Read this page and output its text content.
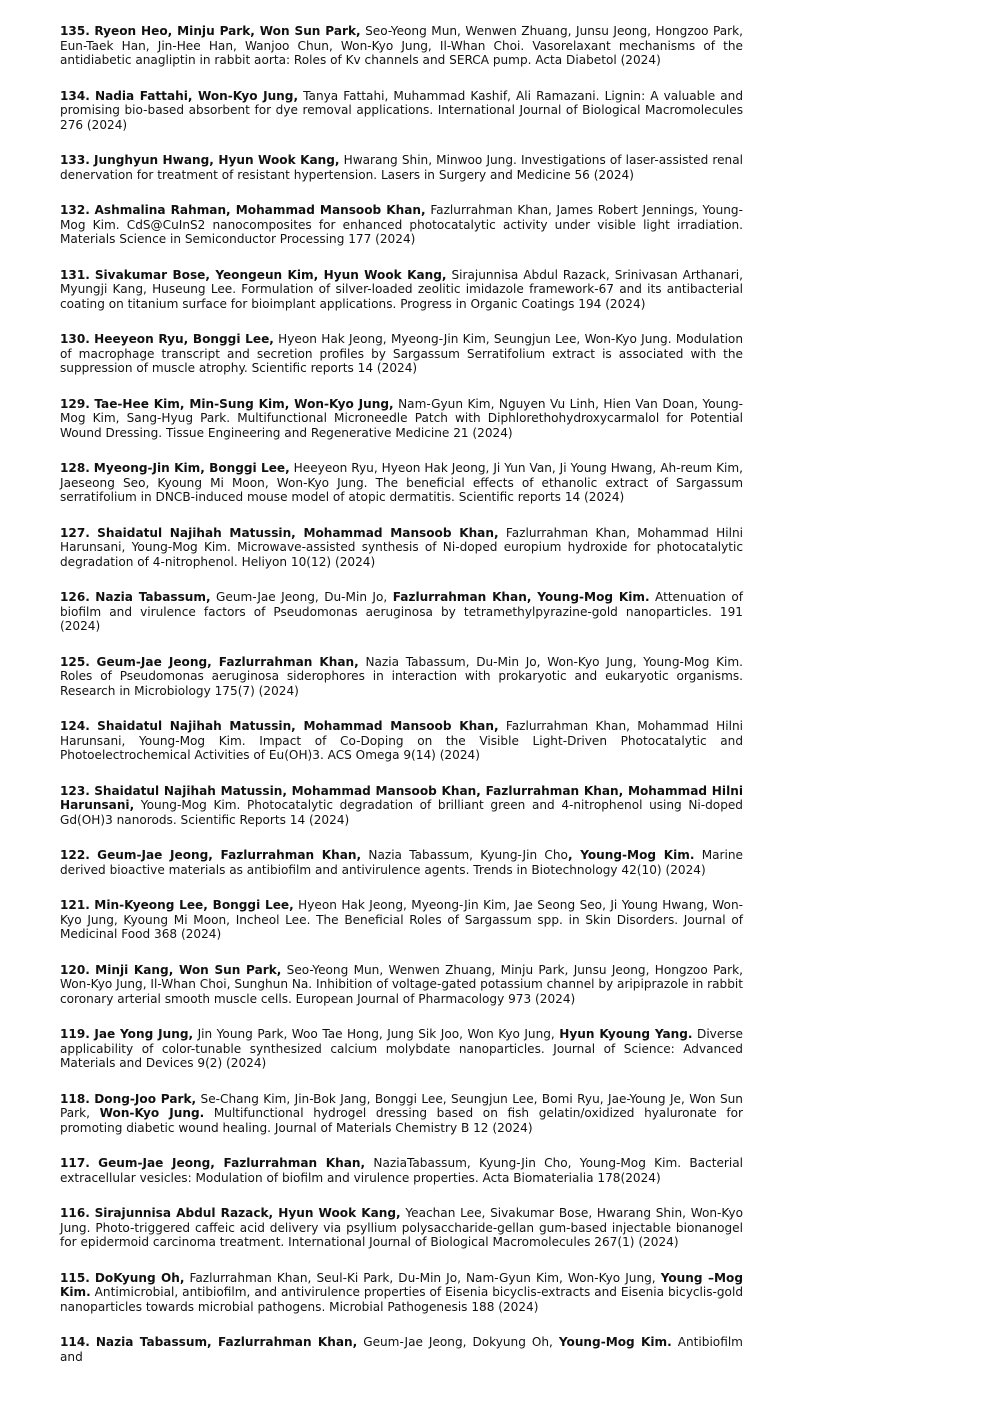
135. Ryeon Heo, Minju Park, Won Sun Park, Seo-Yeong Mun, Wenwen Zhuang, Junsu Jeong, Hongzoo Park, Eun-Taek Han, Jin-Hee Han, Wanjoo Chun, Won-Kyo Jung, Il-Whan Choi. Vasorelaxant mechanisms of the antidiabetic anagliptin in rabbit aorta: Roles of Kv channels and SERCA pump. Acta Diabetol (2024)

134. Nadia Fattahi, Won-Kyo Jung, Tanya Fattahi, Muhammad Kashif, Ali Ramazani. Lignin: A valuable and promising bio-based absorbent for dye removal applications. International Journal of Biological Macromolecules 276 (2024)

133. Junghyun Hwang, Hyun Wook Kang, Hwarang Shin, Minwoo Jung. Investigations of laser-assisted renal denervation for treatment of resistant hypertension. Lasers in Surgery and Medicine 56 (2024)

132. Ashmalina Rahman, Mohammad Mansoob Khan, Fazlurrahman Khan, James Robert Jennings, Young-Mog Kim. CdS@CuInS2 nanocomposites for enhanced photocatalytic activity under visible light irradiation. Materials Science in Semiconductor Processing 177 (2024)

131. Sivakumar Bose, Yeongeun Kim, Hyun Wook Kang, Sirajunnisa Abdul Razack, Srinivasan Arthanari, Myungji Kang, Huseung Lee. Formulation of silver-loaded zeolitic imidazole framework-67 and its antibacterial coating on titanium surface for bioimplant applications. Progress in Organic Coatings 194 (2024)

130. Heeyeon Ryu, Bonggi Lee, Hyeon Hak Jeong, Myeong-Jin Kim, Seungjun Lee, Won-Kyo Jung. Modulation of macrophage transcript and secretion profiles by Sargassum Serratifolium extract is associated with the suppression of muscle atrophy. Scientific reports 14 (2024)

129. Tae-Hee Kim, Min-Sung Kim, Won-Kyo Jung, Nam-Gyun Kim, Nguyen Vu Linh, Hien Van Doan, Young-Mog Kim, Sang-Hyug Park. Multifunctional Microneedle Patch with Diphlorethohydroxycarmalol for Potential Wound Dressing. Tissue Engineering and Regenerative Medicine 21 (2024)

128. Myeong-Jin Kim, Bonggi Lee, Heeyeon Ryu, Hyeon Hak Jeong, Ji Yun Van, Ji Young Hwang, Ah-reum Kim, Jaeseong Seo, Kyoung Mi Moon, Won-Kyo Jung. The beneficial effects of ethanolic extract of Sargassum serratifolium in DNCB-induced mouse model of atopic dermatitis. Scientific reports 14 (2024)

127. Shaidatul Najihah Matussin, Mohammad Mansoob Khan, Fazlurrahman Khan, Mohammad Hilni Harunsani, Young-Mog Kim. Microwave-assisted synthesis of Ni-doped europium hydroxide for photocatalytic degradation of 4-nitrophenol. Heliyon 10(12) (2024)

126. Nazia Tabassum, Geum-Jae Jeong, Du-Min Jo, Fazlurrahman Khan, Young-Mog Kim. Attenuation of biofilm and virulence factors of Pseudomonas aeruginosa by tetramethylpyrazine-gold nanoparticles. 191 (2024)

125. Geum-Jae Jeong, Fazlurrahman Khan, Nazia Tabassum, Du-Min Jo, Won-Kyo Jung, Young-Mog Kim. Roles of Pseudomonas aeruginosa siderophores in interaction with prokaryotic and eukaryotic organisms. Research in Microbiology 175(7) (2024)

124. Shaidatul Najihah Matussin, Mohammad Mansoob Khan, Fazlurrahman Khan, Mohammad Hilni Harunsani, Young-Mog Kim. Impact of Co-Doping on the Visible Light-Driven Photocatalytic and Photoelectrochemical Activities of Eu(OH)3. ACS Omega 9(14) (2024)

123. Shaidatul Najihah Matussin, Mohammad Mansoob Khan, Fazlurrahman Khan, Mohammad Hilni Harunsani, Young-Mog Kim. Photocatalytic degradation of brilliant green and 4-nitrophenol using Ni-doped Gd(OH)3 nanorods. Scientific Reports 14 (2024)

122. Geum-Jae Jeong, Fazlurrahman Khan, Nazia Tabassum, Kyung-Jin Cho, Young-Mog Kim. Marine derived bioactive materials as antibiofilm and antivirulence agents. Trends in Biotechnology 42(10) (2024)

121. Min-Kyeong Lee, Bonggi Lee, Hyeon Hak Jeong, Myeong-Jin Kim, Jae Seong Seo, Ji Young Hwang, Won-Kyo Jung, Kyoung Mi Moon, Incheol Lee. The Beneficial Roles of Sargassum spp. in Skin Disorders. Journal of Medicinal Food 368 (2024)

120. Minji Kang, Won Sun Park, Seo-Yeong Mun, Wenwen Zhuang, Minju Park, Junsu Jeong, Hongzoo Park, Won-Kyo Jung, Il-Whan Choi, Sunghun Na. Inhibition of voltage-gated potassium channel by aripiprazole in rabbit coronary arterial smooth muscle cells. European Journal of Pharmacology 973 (2024)

119. Jae Yong Jung, Jin Young Park, Woo Tae Hong, Jung Sik Joo, Won Kyo Jung, Hyun Kyoung Yang. Diverse applicability of color-tunable synthesized calcium molybdate nanoparticles. Journal of Science: Advanced Materials and Devices 9(2) (2024)

118. Dong-Joo Park, Se-Chang Kim, Jin-Bok Jang, Bonggi Lee, Seungjun Lee, Bomi Ryu, Jae-Young Je, Won Sun Park, Won-Kyo Jung. Multifunctional hydrogel dressing based on fish gelatin/oxidized hyaluronate for promoting diabetic wound healing. Journal of Materials Chemistry B 12 (2024)

117. Geum-Jae Jeong, Fazlurrahman Khan, NaziaTabassum, Kyung-Jin Cho, Young-Mog Kim. Bacterial extracellular vesicles: Modulation of biofilm and virulence properties. Acta Biomaterialia 178(2024)

116. Sirajunnisa Abdul Razack, Hyun Wook Kang, Yeachan Lee, Sivakumar Bose, Hwarang Shin, Won-Kyo Jung. Photo-triggered caffeic acid delivery via psyllium polysaccharide-gellan gum-based injectable bionanogel for epidermoid carcinoma treatment. International Journal of Biological Macromolecules 267(1) (2024)

115. DoKyung Oh, Fazlurrahman Khan, Seul-Ki Park, Du-Min Jo, Nam-Gyun Kim, Won-Kyo Jung, Young –Mog Kim. Antimicrobial, antibiofilm, and antivirulence properties of Eisenia bicyclis-extracts and Eisenia bicyclis-gold nanoparticles towards microbial pathogens. Microbial Pathogenesis 188 (2024)

114. Nazia Tabassum, Fazlurrahman Khan, Geum-Jae Jeong, Dokyung Oh, Young-Mog Kim. Antibiofilm and
